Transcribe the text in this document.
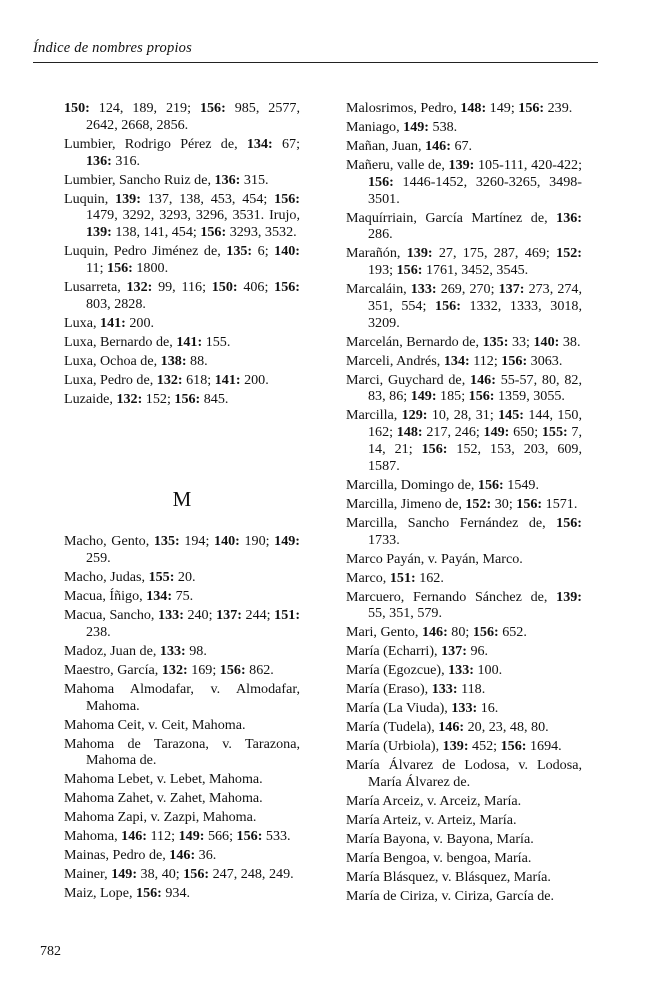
Índice de nombres propios

150: 124, 189, 219; 156: 985, 2577, 2642, 2668, 2856.

Lumbier, Rodrigo Pérez de, 134: 67; 136: 316.

Lumbier, Sancho Ruiz de, 136: 315.

Luquin, 139: 137, 138, 453, 454; 156: 1479, 3292, 3293, 3296, 3531. Irujo, 139: 138, 141, 454; 156: 3293, 3532.

Luquin, Pedro Jiménez de, 135: 6; 140: 11; 156: 1800.

Lusarreta, 132: 99, 116; 150: 406; 156: 803, 2828.

Luxa, 141: 200.

Luxa, Bernardo de, 141: 155.

Luxa, Ochoa de, 138: 88.

Luxa, Pedro de, 132: 618; 141: 200.

Luzaide, 132: 152; 156: 845.

M

Macho, Gento, 135: 194; 140: 190; 149: 259.

Macho, Judas, 155: 20.

Macua, Íñigo, 134: 75.

Macua, Sancho, 133: 240; 137: 244; 151: 238.

Madoz, Juan de, 133: 98.

Maestro, García, 132: 169; 156: 862.

Mahoma Almodafar, v. Almodafar, Mahoma.

Mahoma Ceit, v. Ceit, Mahoma.

Mahoma de Tarazona, v. Tarazona, Mahoma de.

Mahoma Lebet, v. Lebet, Mahoma.

Mahoma Zahet, v. Zahet, Mahoma.

Mahoma Zapi, v. Zazpi, Mahoma.

Mahoma, 146: 112; 149: 566; 156: 533.

Mainas, Pedro de, 146: 36.

Mainer, 149: 38, 40; 156: 247, 248, 249.

Maiz, Lope, 156: 934.

Malosrimos, Pedro, 148: 149; 156: 239.

Maniago, 149: 538.

Mañan, Juan, 146: 67.

Mañeru, valle de, 139: 105-111, 420-422; 156: 1446-1452, 3260-3265, 3498-3501.

Maquírriain, García Martínez de, 136: 286.

Marañón, 139: 27, 175, 287, 469; 152: 193; 156: 1761, 3452, 3545.

Marcaláin, 133: 269, 270; 137: 273, 274, 351, 554; 156: 1332, 1333, 3018, 3209.

Marcelán, Bernardo de, 135: 33; 140: 38.

Marceli, Andrés, 134: 112; 156: 3063.

Marci, Guychard de, 146: 55-57, 80, 82, 83, 86; 149: 185; 156: 1359, 3055.

Marcilla, 129: 10, 28, 31; 145: 144, 150, 162; 148: 217, 246; 149: 650; 155: 7, 14, 21; 156: 152, 153, 203, 609, 1587.

Marcilla, Domingo de, 156: 1549.

Marcilla, Jimeno de, 152: 30; 156: 1571.

Marcilla, Sancho Fernández de, 156: 1733.

Marco Payán, v. Payán, Marco.

Marco, 151: 162.

Marcuero, Fernando Sánchez de, 139: 55, 351, 579.

Mari, Gento, 146: 80; 156: 652.

María (Echarri), 137: 96.

María (Egozcue), 133: 100.

María (Eraso), 133: 118.

María (La Viuda), 133: 16.

María (Tudela), 146: 20, 23, 48, 80.

María (Urbiola), 139: 452; 156: 1694.

María Álvarez de Lodosa, v. Lodosa, María Álvarez de.

María Arceiz, v. Arceiz, María.

María Arteiz, v. Arteiz, María.

María Bayona, v. Bayona, María.

María Bengoa, v. bengoa, María.

María Blásquez, v. Blásquez, María.

María de Ciriza, v. Ciriza, García de.

782
